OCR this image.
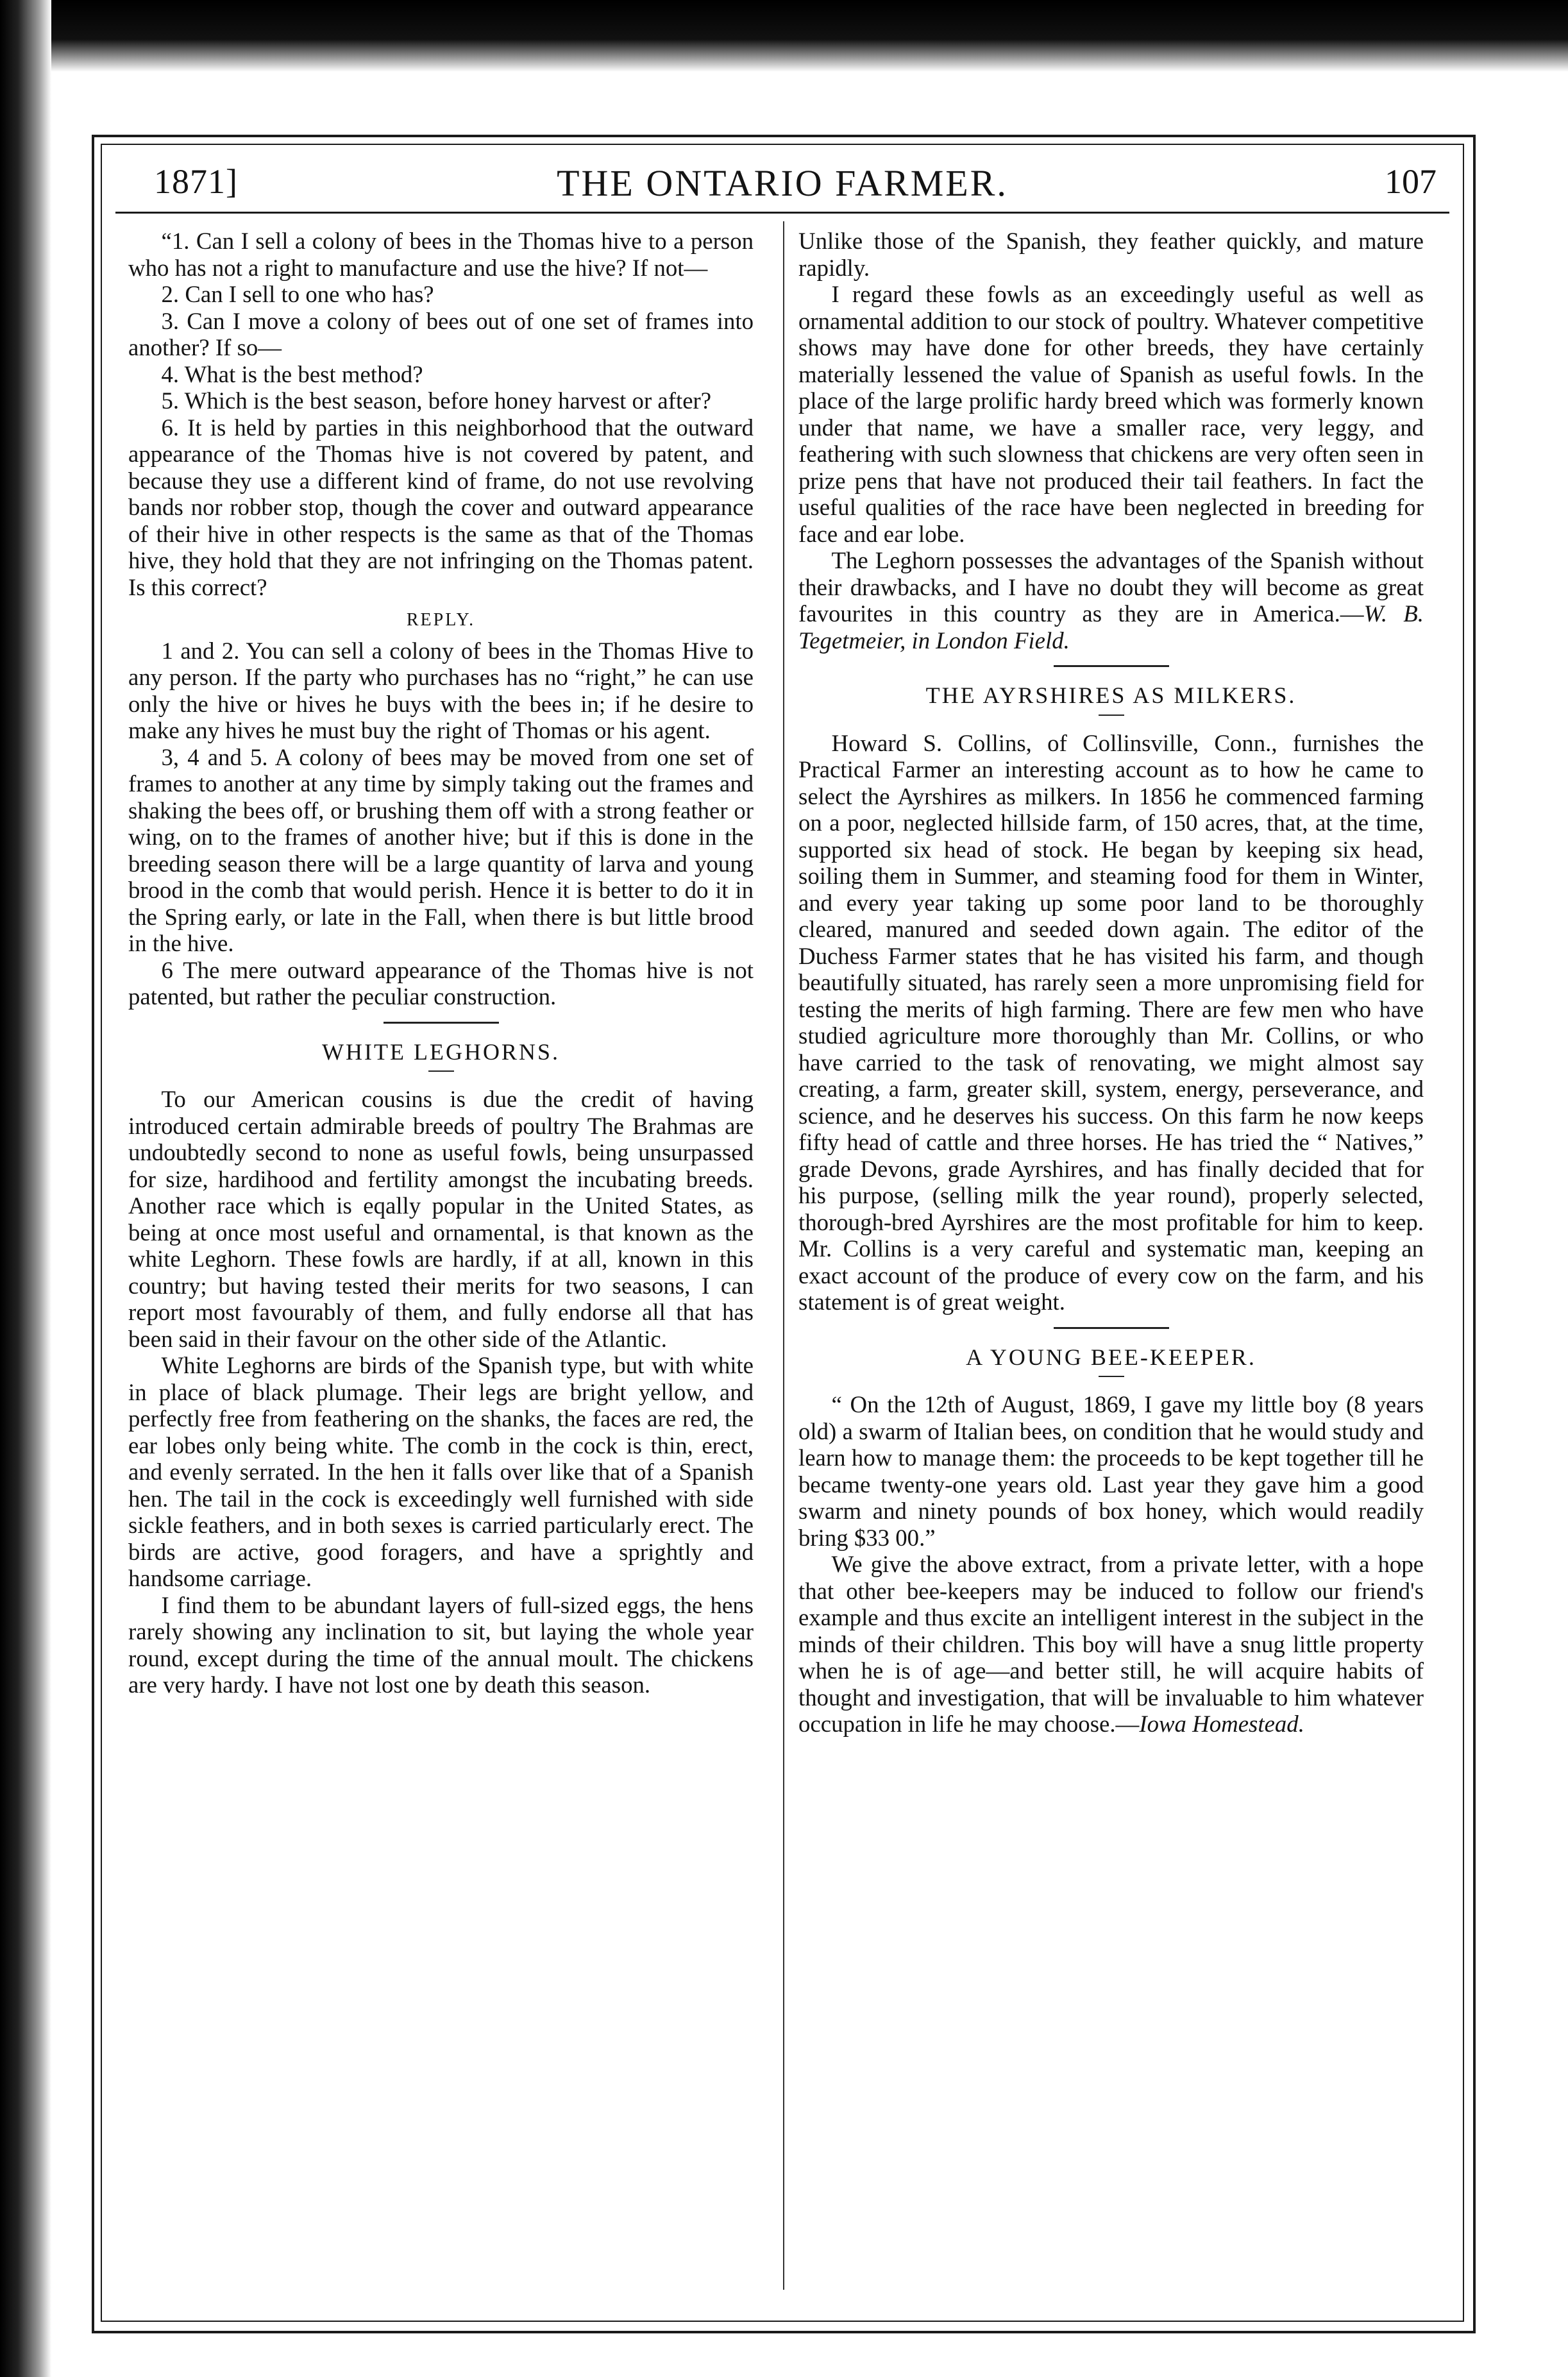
1871]	THE ONTARIO FARMER.	107

“1. Can I sell a colony of bees in the Thomas hive to a person who has not a right to manufacture and use the hive? If not—

2. Can I sell to one who has?

3. Can I move a colony of bees out of one set of frames into another? If so—

4. What is the best method?

5. Which is the best season, before honey harvest or after?

6. It is held by parties in this neighborhood that the outward appearance of the Thomas hive is not covered by patent, and because they use a different kind of frame, do not use revolving bands nor robber stop, though the cover and outward appearance of their hive in other respects is the same as that of the Thomas hive, they hold that they are not infringing on the Thomas patent. Is this correct?

REPLY.

1 and 2. You can sell a colony of bees in the Thomas Hive to any person. If the party who purchases has no “right,” he can use only the hive or hives he buys with the bees in; if he desire to make any hives he must buy the right of Thomas or his agent.

3, 4 and 5. A colony of bees may be moved from one set of frames to another at any time by simply taking out the frames and shaking the bees off, or brushing them off with a strong feather or wing, on to the frames of another hive; but if this is done in the breeding season there will be a large quantity of larva and young brood in the comb that would perish. Hence it is better to do it in the Spring early, or late in the Fall, when there is but little brood in the hive.

6 The mere outward appearance of the Thomas hive is not patented, but rather the peculiar construction.

WHITE LEGHORNS.

To our American cousins is due the credit of having introduced certain admirable breeds of poultry The Brahmas are undoubtedly second to none as useful fowls, being unsurpassed for size, hardihood and fertility amongst the incubating breeds. Another race which is eqally popular in the United States, as being at once most useful and ornamental, is that known as the white Leghorn. These fowls are hardly, if at all, known in this country; but having tested their merits for two seasons, I can report most favourably of them, and fully endorse all that has been said in their favour on the other side of the Atlantic.

White Leghorns are birds of the Spanish type, but with white in place of black plumage. Their legs are bright yellow, and perfectly free from feathering on the shanks, the faces are red, the ear lobes only being white. The comb in the cock is thin, erect, and evenly serrated. In the hen it falls over like that of a Spanish hen. The tail in the cock is exceedingly well furnished with side sickle feathers, and in both sexes is carried particularly erect. The birds are active, good foragers, and have a sprightly and handsome carriage.

I find them to be abundant layers of full-sized eggs, the hens rarely showing any inclination to sit, but laying the whole year round, except during the time of the annual moult. The chickens are very hardy. I have not lost one by death this season.

Unlike those of the Spanish, they feather quickly, and mature rapidly.

I regard these fowls as an exceedingly useful as well as ornamental addition to our stock of poultry. Whatever competitive shows may have done for other breeds, they have certainly materially lessened the value of Spanish as useful fowls. In the place of the large prolific hardy breed which was formerly known under that name, we have a smaller race, very leggy, and feathering with such slowness that chickens are very often seen in prize pens that have not produced their tail feathers. In fact the useful qualities of the race have been neglected in breeding for face and ear lobe.

The Leghorn possesses the advantages of the Spanish without their drawbacks, and I have no doubt they will become as great favourites in this country as they are in America.—W. B. Tegetmeier, in London Field.

THE AYRSHIRES AS MILKERS.

Howard S. Collins, of Collinsville, Conn., furnishes the Practical Farmer an interesting account as to how he came to select the Ayrshires as milkers. In 1856 he commenced farming on a poor, neglected hillside farm, of 150 acres, that, at the time, supported six head of stock. He began by keeping six head, soiling them in Summer, and steaming food for them in Winter, and every year taking up some poor land to be thoroughly cleared, manured and seeded down again. The editor of the Duchess Farmer states that he has visited his farm, and though beautifully situated, has rarely seen a more unpromising field for testing the merits of high farming. There are few men who have studied agriculture more thoroughly than Mr. Collins, or who have carried to the task of renovating, we might almost say creating, a farm, greater skill, system, energy, perseverance, and science, and he deserves his success. On this farm he now keeps fifty head of cattle and three horses. He has tried the “ Natives,” grade Devons, grade Ayrshires, and has finally decided that for his purpose, (selling milk the year round), properly selected, thorough-bred Ayrshires are the most profitable for him to keep. Mr. Collins is a very careful and systematic man, keeping an exact account of the produce of every cow on the farm, and his statement is of great weight.

A YOUNG BEE-KEEPER.

“ On the 12th of August, 1869, I gave my little boy (8 years old) a swarm of Italian bees, on condition that he would study and learn how to manage them: the proceeds to be kept together till he became twenty-one years old. Last year they gave him a good swarm and ninety pounds of box honey, which would readily bring $33 00.”

We give the above extract, from a private letter, with a hope that other bee-keepers may be induced to follow our friend's example and thus excite an intelligent interest in the subject in the minds of their children. This boy will have a snug little property when he is of age—and better still, he will acquire habits of thought and investigation, that will be invaluable to him whatever occupation in life he may choose.—Iowa Homestead.
